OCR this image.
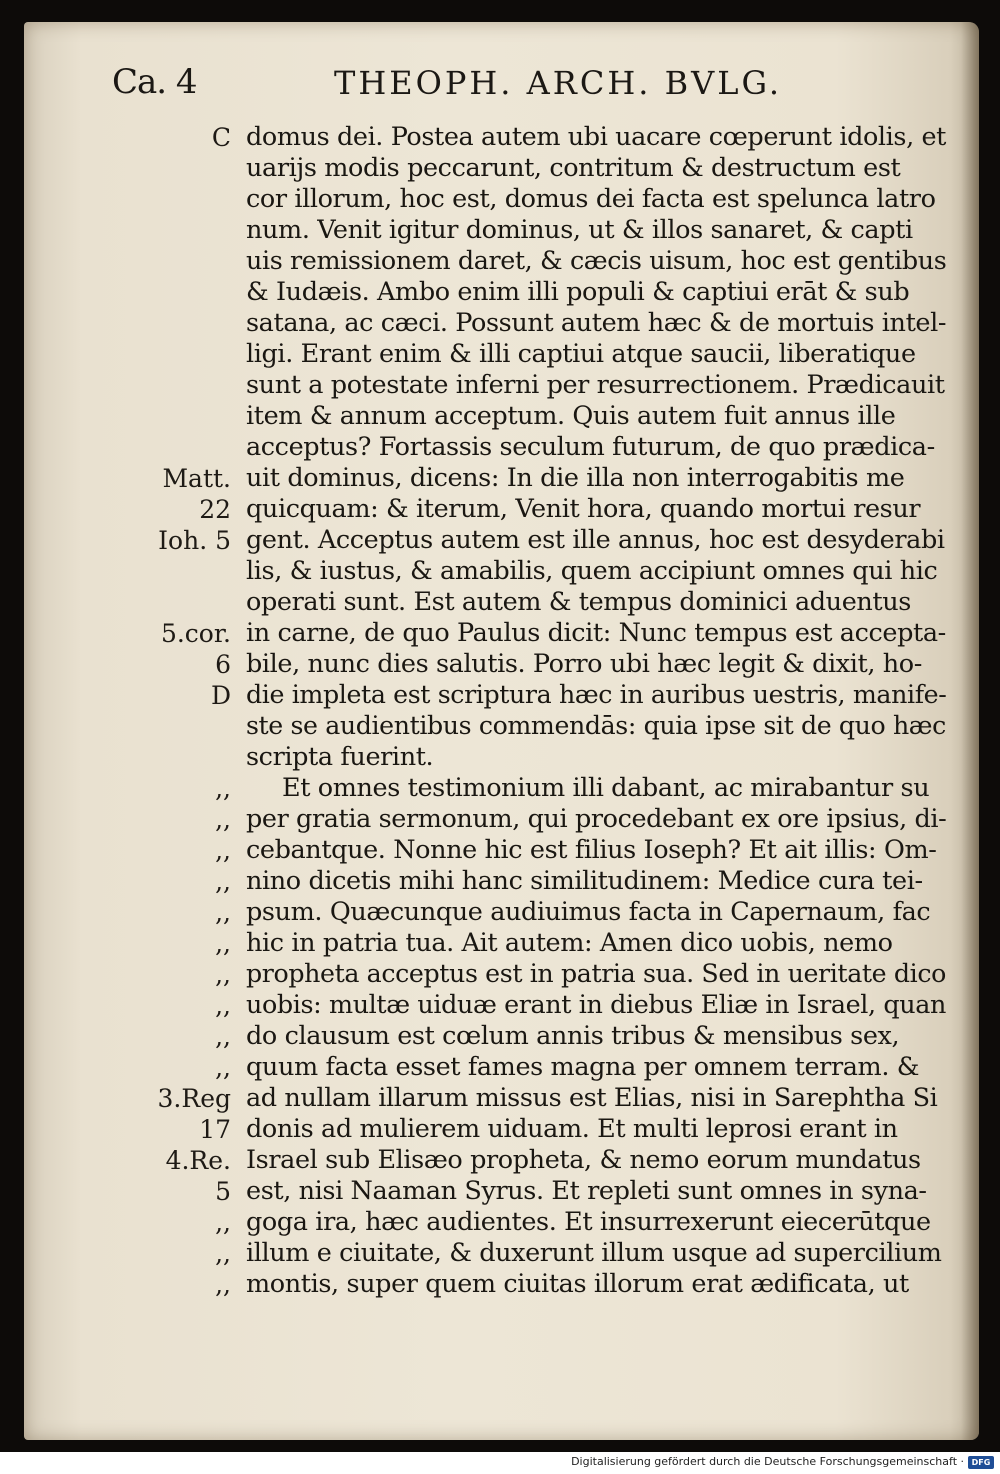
Ca. 4	THEOPH. ARCH. BVLG.
C
Matt.
22
Ioh. 5
5.cor.
6
D
,,
,,
,,
,,
,,
,,
,,
,,
,,
,,
3.Reg
17
4.Re.
5
,,
,,
,,
domus dei. Postea autem ubi uacare cœperunt idolis, et
uarijs modis peccarunt, contritum & destructum est
cor illorum, hoc est, domus dei facta est spelunca latro
num. Venit igitur dominus, ut & illos sanaret, & capti
uis remissionem daret, & cæcis uisum, hoc est gentibus
& Iudæis. Ambo enim illi populi & captiui erāt & sub
satana, ac cæci. Possunt autem hæc & de mortuis intel-
ligi. Erant enim & illi captiui atque saucii, liberatique
sunt a potestate inferni per resurrectionem. Prædicauit
item & annum acceptum. Quis autem fuit annus ille
acceptus? Fortassis seculum futurum, de quo prædica-
uit dominus, dicens: In die illa non interrogabitis me
quicquam: & iterum, Venit hora, quando mortui resur
gent. Acceptus autem est ille annus, hoc est desyderabi
lis, & iustus, & amabilis, quem accipiunt omnes qui hic
operati sunt. Est autem & tempus dominici aduentus
in carne, de quo Paulus dicit: Nunc tempus est accepta-
bile, nunc dies salutis. Porro ubi hæc legit & dixit, ho-
die impleta est scriptura hæc in auribus uestris, manife-
ste se audientibus commendās: quia ipse sit de quo hæc
scripta fuerint.
Et omnes testimonium illi dabant, ac mirabantur su
per gratia sermonum, qui procedebant ex ore ipsius, di-
cebantque. Nonne hic est filius Ioseph? Et ait illis: Om-
nino dicetis mihi hanc similitudinem: Medice cura tei-
psum. Quæcunque audiuimus facta in Capernaum, fac
hic in patria tua. Ait autem: Amen dico uobis, nemo
propheta acceptus est in patria sua. Sed in ueritate dico
uobis: multæ uiduæ erant in diebus Eliæ in Israel, quan
do clausum est cœlum annis tribus & mensibus sex,
quum facta esset fames magna per omnem terram. &
ad nullam illarum missus est Elias, nisi in Sarephtha Si
donis ad mulierem uiduam. Et multi leprosi erant in
Israel sub Elisæo propheta, & nemo eorum mundatus
est, nisi Naaman Syrus. Et repleti sunt omnes in syna-
goga ira, hæc audientes. Et insurrexerunt eiecerūtque
illum e ciuitate, & duxerunt illum usque ad supercilium
montis, super quem ciuitas illorum erat ædificata, ut
Digitalisierung gefördert durch die Deutsche Forschungsgemeinschaft · DFG
